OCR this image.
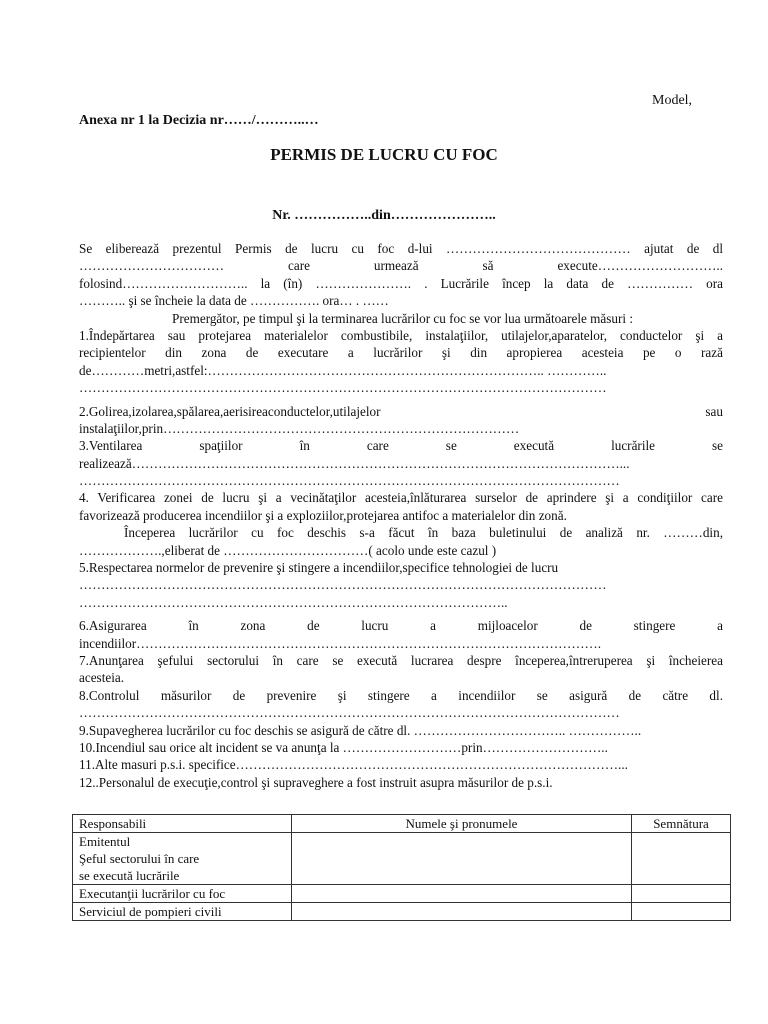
Model,
Anexa nr 1 la Decizia nr……/………..…
PERMIS DE LUCRU CU FOC
Nr. ……………..din…………………..
Se eliberează prezentul Permis de lucru cu foc d-lui …………………………………… ajutat de dl
…………………………… care urmează să execute………………………..
folosind……………………….. la (în) …………………. . Lucrările încep la data de …………… ora
……….. şi se încheie la data de ……………. ora… . ……
Premergător, pe timpul şi la terminarea lucrărilor cu foc se vor lua următoarele măsuri :
1.Îndepărtarea sau protejarea materialelor combustibile, instalaţiilor, utilajelor,aparatelor, conductelor şi a
recipientelor din zona de executare a lucrărilor şi din apropierea acesteia pe o rază
de…………metri,astfel:………………………………………………………………….. …………..
…………………………………………………………………………………………………………
2.Golirea,izolarea,spălarea,aerisireaconductelor,utilajelor sau
instalaţiilor,prin………………………………………………………………………
3.Ventilarea spaţiilor în care se execută lucrările se
realizează…………………………………………………………………………………………………...
……………………………………………………………………………………………………………
4. Verificarea zonei de lucru şi a vecinătaţilor acesteia,înlăturarea surselor de aprindere şi a condiţiilor care
favorizează producerea incendiilor şi a exploziilor,protejarea antifoc a materialelor din zonă.
Începerea lucrărilor cu foc deschis s-a făcut în baza buletinului de analiză nr. ………din,
……………….,eliberat de ……………………………( acolo unde este cazul )
5.Respectarea normelor de prevenire şi stingere a incendiilor,specifice tehnologiei de lucru
…………………………………………………………………………………………………………
……………………………………………………………………………………..
6.Asigurarea în zona de lucru a mijloacelor de stingere a
incendiilor…………………………………………………………………………………………….
7.Anunţarea şefului sectorului în care se execută lucrarea despre începerea,întreruperea şi încheierea
acesteia.
8.Controlul măsurilor de prevenire şi stingere a incendiilor se asigură de către dl.
……………………………………………………………………………………………………………
9.Supavegherea lucrărilor cu foc deschis se asigură de către dl. …………………………….. ……………..
10.Incendiul sau orice alt incident se va anunţa la ………………………prin………………………..
11.Alte masuri p.s.i. specifice……………………………………………………………………………...
12..Personalul de execuţie,control şi supraveghere a fost instruit asupra măsurilor de p.s.i.
Responsabili	Numele şi pronumele	Semnătura

Emitentul
Şeful sectorului în care
se execută lucrările		

Executanţii lucrărilor cu foc		
Serviciul de pompieri civili		
